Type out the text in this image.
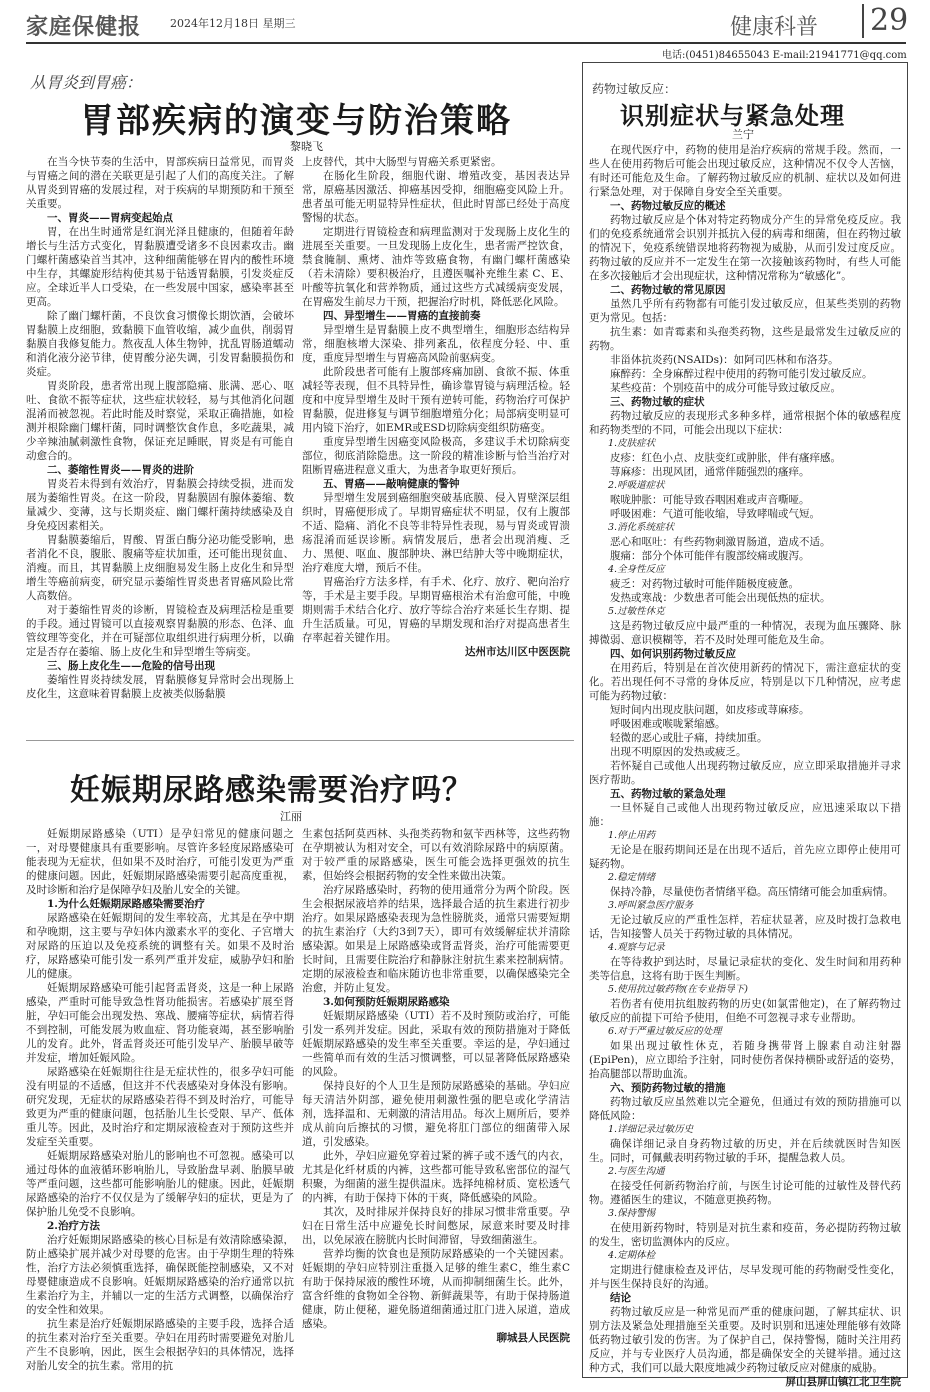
家庭保健报	2024年12月18日 星期三	健康科普 29
电话:(0451)84655043 E-mail:21941771@qq.com
从胃炎到胃癌：
胃部疾病的演变与防治策略
黎晓飞

在当今快节奏的生活中，胃部疾病日益常见，而胃炎与胃癌之间的潜在关联更是引起了人们的高度关注。了解从胃炎到胃癌的发展过程，对于疾病的早期预防和干预至关重要。

一、胃炎——胃病变起始点

胃，在出生时通常是红润光泽且健康的，但随着年龄增长与生活方式变化，胃黏膜遭受诸多不良因素攻击。幽门螺杆菌感染首当其冲，这种细菌能够在胃内的酸性环境中生存，其螺旋形结构使其易于钻透胃黏膜，引发炎症反应。全球近半人口受染，在一些发展中国家，感染率甚至更高。

除了幽门螺杆菌，不良饮食习惯像长期饮酒，会破坏胃黏膜上皮细胞，致黏膜下血管收缩，减少血供，削弱胃黏膜自我修复能力。熬夜乱人体生物钟，扰乱胃肠道蠕动和消化液分泌节律，使胃酸分泌失调，引发胃黏膜损伤和炎症。

胃炎阶段，患者常出现上腹部隐痛、胀满、恶心、呕吐、食欲不振等症状，这些症状较轻，易与其他消化问题混淆而被忽视。若此时能及时察觉，采取正确措施，如检测并根除幽门螺杆菌，同时调整饮食作息，多吃蔬果，减少辛辣油腻刺激性食物，保证充足睡眠，胃炎是有可能自动愈合的。

二、萎缩性胃炎——胃炎的进阶

胃炎若未得到有效治疗，胃黏膜会持续受损，进而发展为萎缩性胃炎。在这一阶段，胃黏膜固有腺体萎缩、数量减少、变薄，这与长期炎症、幽门螺杆菌持续感染及自身免疫因素相关。

胃黏膜萎缩后，胃酸、胃蛋白酶分泌功能受影响，患者消化不良，腹胀、腹痛等症状加重，还可能出现贫血、消瘦。而且，其胃黏膜上皮细胞易发生肠上皮化生和异型增生等癌前病变，研究显示萎缩性胃炎患者胃癌风险比常人高数倍。

对于萎缩性胃炎的诊断，胃镜检查及病理活检是重要的手段。通过胃镜可以直接观察胃黏膜的形态、色泽、血管纹理等变化，并在可疑部位取组织进行病理分析，以确定是否存在萎缩、肠上皮化生和异型增生等病变。

三、肠上皮化生——危险的信号出现

萎缩性胃炎持续发展，胃黏膜修复异常时会出现肠上皮化生，这意味着胃黏膜上皮被类似肠黏膜

上皮替代，其中大肠型与胃癌关系更紧密。

在肠化生阶段，细胞代谢、增殖改变，基因表达异常，原癌基因激活、抑癌基因受抑，细胞癌变风险上升。患者虽可能无明显特异性症状，但此时胃部已经处于高度警惕的状态。

定期进行胃镜检查和病理监测对于发现肠上皮化生的进展至关重要。一旦发现肠上皮化生，患者需严控饮食，禁食腌制、熏烤、油炸等致癌食物，有幽门螺杆菌感染（若未清除）要积极治疗，且遵医嘱补充维生素 C、E、叶酸等抗氧化和营养物质，通过这些方式减缓病变发展，在胃癌发生前尽力干预，把握治疗时机，降低恶化风险。

四、异型增生——胃癌的直接前奏

异型增生是胃黏膜上皮不典型增生，细胞形态结构异常，细胞核增大深染、排列紊乱，依程度分轻、中、重度，重度异型增生与胃癌高风险前驱病变。

此阶段患者可能有上腹部疼痛加剧、食欲不振、体重减轻等表现，但不具特异性，确诊靠胃镜与病理活检。轻度和中度异型增生及时干预有逆转可能，药物治疗可保护胃黏膜，促进修复与调节细胞增殖分化；局部病变明显可用内镜下治疗，如EMR或ESD切除病变组织防癌变。

重度异型增生因癌变风险极高，多建议手术切除病变部位，彻底消除隐患。这一阶段的精准诊断与恰当治疗对阻断胃癌进程意义重大，为患者争取更好预后。

五、胃癌——敲响健康的警钟

异型增生发展到癌细胞突破基底膜、侵入胃壁深层组织时，胃癌便形成了。早期胃癌症状不明显，仅有上腹部不适、隐痛、消化不良等非特异性表现，易与胃炎或胃溃疡混淆而延误诊断。病情发展后，患者会出现消瘦、乏力、黑便、呕血、腹部肿块、淋巴结肿大等中晚期症状，治疗难度大增，预后不佳。

胃癌治疗方法多样，有手术、化疗、放疗、靶向治疗等，手术是主要手段。早期胃癌根治术有治愈可能，中晚期则需手术结合化疗、放疗等综合治疗来延长生存期、提升生活质量。可见，胃癌的早期发现和治疗对提高患者生存率起着关键作用。

达州市达川区中医医院

妊娠期尿路感染需要治疗吗？
江丽

妊娠期尿路感染（UTI）是孕妇常见的健康问题之一，对母婴健康具有重要影响。尽管许多轻度尿路感染可能表现为无症状，但如果不及时治疗，可能引发更为严重的健康问题。因此，妊娠期尿路感染需要引起高度重视，及时诊断和治疗是保障孕妇及胎儿安全的关键。

1.为什么妊娠期尿路感染需要治疗

尿路感染在妊娠期间的发生率较高，尤其是在孕中期和孕晚期，这主要与孕妇体内激素水平的变化、子宫增大对尿路的压迫以及免疫系统的调整有关。如果不及时治疗，尿路感染可能引发一系列严重并发症，威胁孕妇和胎儿的健康。

妊娠期尿路感染可能引起肾盂肾炎，这是一种上尿路感染，严重时可能导致急性肾功能损害。若感染扩展至肾脏，孕妇可能会出现发热、寒战、腰痛等症状，病情若得不到控制，可能发展为败血症、肾功能衰竭，甚至影响胎儿的发育。此外，肾盂肾炎还可能引发早产、胎膜早破等并发症，增加妊娠风险。

尿路感染在妊娠期往往是无症状性的，很多孕妇可能没有明显的不适感，但这并不代表感染对身体没有影响。研究发现，无症状的尿路感染若得不到及时治疗，可能导致更为严重的健康问题，包括胎儿生长受限、早产、低体重儿等。因此，及时治疗和定期尿液检查对于预防这些并发症至关重要。

妊娠期尿路感染对胎儿的影响也不可忽视。感染可以通过母体的血液循环影响胎儿，导致胎盘早剥、胎膜早破等严重问题，这些都可能影响胎儿的健康。因此，妊娠期尿路感染的治疗不仅仅是为了缓解孕妇的症状，更是为了保护胎儿免受不良影响。

2.治疗方法

治疗妊娠期尿路感染的核心目标是有效清除感染源，防止感染扩展并减少对母婴的危害。由于孕期生理的特殊性，治疗方法必须慎重选择，确保既能控制感染，又不对母婴健康造成不良影响。妊娠期尿路感染的治疗通常以抗生素治疗为主，并辅以一定的生活方式调整，以确保治疗的安全性和效果。

抗生素是治疗妊娠期尿路感染的主要手段，选择合适的抗生素对治疗至关重要。孕妇在用药时需要避免对胎儿产生不良影响，因此，医生会根据孕妇的具体情况，选择对胎儿安全的抗生素。常用的抗

生素包括阿莫西林、头孢类药物和氨苄西林等，这些药物在孕期被认为相对安全，可以有效消除尿路中的病原菌。对于较严重的尿路感染，医生可能会选择更强效的抗生素，但始终会根据药物的安全性来做出决策。

治疗尿路感染时，药物的使用通常分为两个阶段。医生会根据尿液培养的结果，选择最合适的抗生素进行初步治疗。如果尿路感染表现为急性膀胱炎，通常只需要短期的抗生素治疗（大约3到7天），即可有效缓解症状并清除感染源。如果是上尿路感染或肾盂肾炎，治疗可能需要更长时间，且需要住院治疗和静脉注射抗生素来控制病情。定期的尿液检查和临床随访也非常重要，以确保感染完全治愈，并防止复发。

3.如何预防妊娠期尿路感染

妊娠期尿路感染（UTI）若不及时预防或治疗，可能引发一系列并发症。因此，采取有效的预防措施对于降低妊娠期尿路感染的发生率至关重要。幸运的是，孕妇通过一些简单而有效的生活习惯调整，可以显著降低尿路感染的风险。

保持良好的个人卫生是预防尿路感染的基础。孕妇应每天清洁外阴部，避免使用刺激性强的肥皂或化学清洁剂，选择温和、无刺激的清洁用品。每次上厕所后，要养成从前向后擦拭的习惯，避免将肛门部位的细菌带入尿道，引发感染。

此外，孕妇应避免穿着过紧的裤子或不透气的内衣，尤其是化纤材质的内裤，这些都可能导致私密部位的湿气积聚，为细菌的滋生提供温床。选择纯棉材质、宽松透气的内裤，有助于保持下体的干爽，降低感染的风险。

其次，及时排尿并保持良好的排尿习惯非常重要。孕妇在日常生活中应避免长时间憋尿，尿意来时要及时排出，以免尿液在膀胱内长时间滞留，导致细菌滋生。

营养均衡的饮食也是预防尿路感染的一个关键因素。妊娠期的孕妇应特别注重摄入足够的维生素C，维生素C有助于保持尿液的酸性环境，从而抑制细菌生长。此外，富含纤维的食物如全谷物、新鲜蔬果等，有助于保持肠道健康，防止便秘，避免肠道细菌通过肛门进入尿道，造成感染。

聊城县人民医院

药物过敏反应：
识别症状与紧急处理
兰宁

在现代医疗中，药物的使用是治疗疾病的常规手段。然而，一些人在使用药物后可能会出现过敏反应，这种情况不仅令人苦恼，有时还可能危及生命。了解药物过敏反应的机制、症状以及如何进行紧急处理，对于保障自身安全至关重要。

一、药物过敏反应的概述

药物过敏反应是个体对特定药物成分产生的异常免疫反应。我们的免疫系统通常会识别并抵抗入侵的病毒和细菌，但在药物过敏的情况下，免疫系统错误地将药物视为威胁，从而引发过度反应。药物过敏的反应并不一定发生在第一次接触该药物时，有些人可能在多次接触后才会出现症状，这种情况常称为“敏感化”。

二、药物过敏的常见原因

虽然几乎所有药物都有可能引发过敏反应，但某些类别的药物更为常见。包括：

抗生素：如青霉素和头孢类药物，这些是最常发生过敏反应的药物。

非甾体抗炎药(NSAIDs)：如阿司匹林和布洛芬。

麻醉药：全身麻醉过程中使用的药物可能引发过敏反应。

某些疫苗：个别疫苗中的成分可能导致过敏反应。

三、药物过敏的症状

药物过敏反应的表现形式多种多样，通常根据个体的敏感程度和药物类型的不同，可能会出现以下症状：

1.皮肤症状

皮疹：红色小点、皮肤变红或肿胀，伴有瘙痒感。

荨麻疹：出现风团，通常伴随强烈的瘙痒。

2.呼吸道症状

喉咙肿胀：可能导致吞咽困难或声音嘶哑。

呼吸困难：气道可能收缩，导致哮喘或气短。

3.消化系统症状

恶心和呕吐：有些药物刺激胃肠道，造成不适。

腹痛：部分个体可能伴有腹部绞痛或腹泻。

4.全身性反应

疲乏：对药物过敏时可能伴随极度疲惫。

发热或寒战：少数患者可能会出现低热的症状。

5.过敏性休克

这是药物过敏反应中最严重的一种情况，表现为血压骤降、脉搏微弱、意识模糊等，若不及时处理可能危及生命。

四、如何识别药物过敏反应

在用药后，特别是在首次使用新药的情况下，需注意症状的变化。若出现任何不寻常的身体反应，特别是以下几种情况，应考虑可能为药物过敏：

短时间内出现皮肤问题，如皮疹或荨麻疹。

呼吸困难或喉咙紧缩感。

轻微的恶心或肚子痛，持续加重。

出现不明原因的发热或疲乏。

若怀疑自己或他人出现药物过敏反应，应立即采取措施并寻求医疗帮助。

五、药物过敏的紧急处理

一旦怀疑自己或他人出现药物过敏反应，应迅速采取以下措施：

1.停止用药

无论是在服药期间还是在出现不适后，首先应立即停止使用可疑药物。

2.稳定情绪

保持冷静，尽量使伤者情绪平稳。高压情绪可能会加重病情。

3.呼叫紧急医疗服务

无论过敏反应的严重性怎样，若症状显著，应及时拨打急救电话，告知接警人员关于药物过敏的具体情况。

4.观察与记录

在等待救护到达时，尽量记录症状的变化、发生时间和用药种类等信息，这将有助于医生判断。

5.使用抗过敏药物(在专业指导下)

若伤者有使用抗组胺药物的历史(如氯雷他定)，在了解药物过敏反应的前提下可给予使用，但绝不可忽视寻求专业帮助。

6.对于严重过敏反应的处理

如果出现过敏性休克，若随身携带肾上腺素自动注射器(EpiPen)，应立即给予注射，同时使伤者保持横卧或舒适的姿势，抬高腿部以帮助血流。

六、预防药物过敏的措施

药物过敏反应虽然难以完全避免，但通过有效的预防措施可以降低风险：

1.详细记录过敏历史

确保详细记录自身药物过敏的历史，并在后续就医时告知医生。同时，可佩戴表明药物过敏的手环，提醒急救人员。

2.与医生沟通

在接受任何新药物治疗前，与医生讨论可能的过敏性及替代药物。遵循医生的建议，不随意更换药物。

3.保持警惕

在使用新药物时，特别是对抗生素和疫苗，务必提防药物过敏的发生，密切监测体内的反应。

4.定期体检

定期进行健康检查及评估，尽早发现可能的药物耐受性变化，并与医生保持良好的沟通。

结论

药物过敏反应是一种常见而严重的健康问题，了解其症状、识别方法及紧急处理措施至关重要。及时识别和迅速处理能够有效降低药物过敏引发的伤害。为了保护自己，保持警惕，随时关注用药反应，并与专业医疗人员沟通，都是确保安全的关键举措。通过这种方式，我们可以最大限度地减少药物过敏反应对健康的威胁。

屏山县屏山镇江北卫生院
